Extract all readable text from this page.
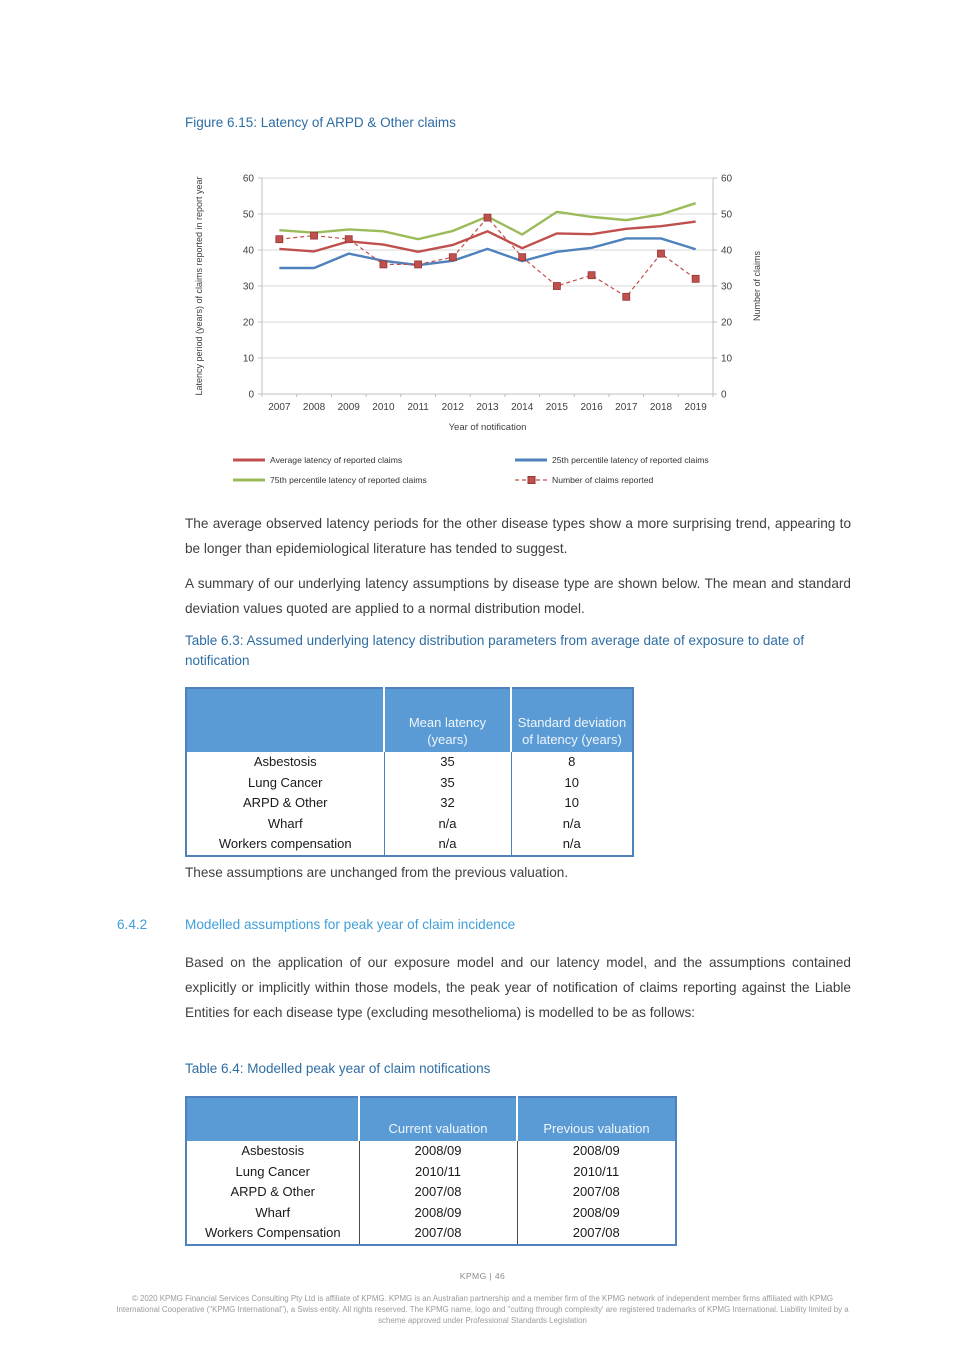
Figure 6.15: Latency of ARPD & Other claims
0	0
10	10
20	20
30	30
40	40
50	50
60	60
2007 2008 2009 2010 2011 2012 2013 2014 2015 2016 2017 2018 2019
Year of notification
Latency period (years) of claims reported in report year	Number of claims
Average latency of reported claims	25th percentile latency of reported claims
75th percentile latency of reported claims	Number of claims reported
The average observed latency periods for the other disease types show a more surprising trend, appearing to be longer than epidemiological literature has tended to suggest.
A summary of our underlying latency assumptions by disease type are shown below. The mean and standard deviation values quoted are applied to a normal distribution model.
Table 6.3: Assumed underlying latency distribution parameters from average date of exposure to date of notification
	Mean latency (years)	Standard deviation of latency (years)
Asbestosis	35	8
Lung Cancer	35	10
ARPD & Other	32	10
Wharf	n/a	n/a
Workers compensation	n/a	n/a
These assumptions are unchanged from the previous valuation.
6.4.2	Modelled assumptions for peak year of claim incidence
Based on the application of our exposure model and our latency model, and the assumptions contained explicitly or implicitly within those models, the peak year of notification of claims reporting against the Liable Entities for each disease type (excluding mesothelioma) is modelled to be as follows:
Table 6.4: Modelled peak year of claim notifications
	Current valuation	Previous valuation
Asbestosis	2008/09	2008/09
Lung Cancer	2010/11	2010/11
ARPD & Other	2007/08	2007/08
Wharf	2008/09	2008/09
Workers Compensation	2007/08	2007/08
KPMG | 46
© 2020 KPMG Financial Services Consulting Pty Ltd is affiliate of KPMG. KPMG is an Australian partnership and a member firm of the KPMG network of independent member firms affiliated with KPMG International Cooperative ("KPMG International"), a Swiss entity. All rights reserved. The KPMG name, logo and "cutting through complexity' are registered trademarks of KPMG International. Liability limited by a scheme approved under Professional Standards Legislation
